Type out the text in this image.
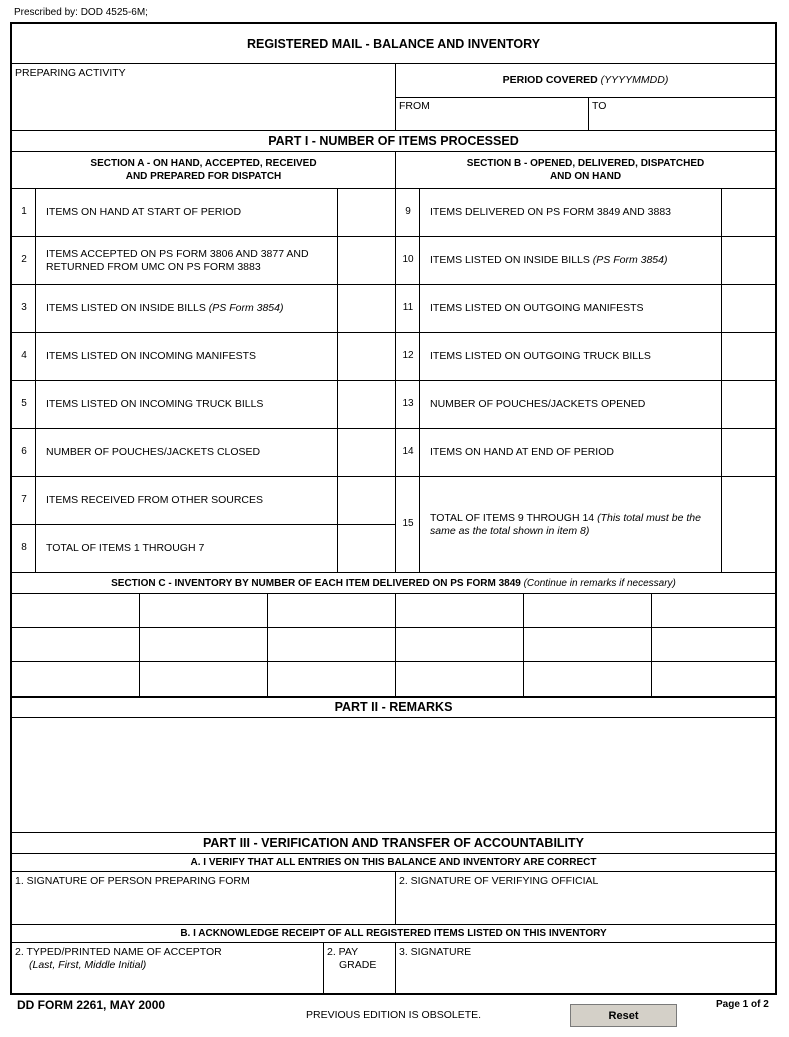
Prescribed by: DOD 4525-6M;
REGISTERED MAIL - BALANCE AND INVENTORY
PREPARING ACTIVITY
PERIOD COVERED (YYYYMMDD)
FROM	TO
PART I - NUMBER OF ITEMS PROCESSED
SECTION A - ON HAND, ACCEPTED, RECEIVED
AND PREPARED FOR DISPATCH
SECTION B - OPENED, DELIVERED, DISPATCHED
AND ON HAND
1	ITEMS ON HAND AT START OF PERIOD
2	ITEMS ACCEPTED ON PS FORM 3806 AND 3877 AND
RETURNED FROM UMC ON PS FORM 3883
3	ITEMS LISTED ON INSIDE BILLS (PS Form 3854)
4	ITEMS LISTED ON INCOMING MANIFESTS
5	ITEMS LISTED ON INCOMING TRUCK BILLS
6	NUMBER OF POUCHES/JACKETS CLOSED
7	ITEMS RECEIVED FROM OTHER SOURCES
8	TOTAL OF ITEMS 1 THROUGH 7
9	ITEMS DELIVERED ON PS FORM 3849 AND 3883
10	ITEMS LISTED ON INSIDE BILLS (PS Form 3854)
11	ITEMS LISTED ON OUTGOING MANIFESTS
12	ITEMS LISTED ON OUTGOING TRUCK BILLS
13	NUMBER OF POUCHES/JACKETS OPENED
14	ITEMS ON HAND AT END OF PERIOD
15	TOTAL OF ITEMS 9 THROUGH 14 (This total must be the
same as the total shown in item 8)
SECTION C - INVENTORY BY NUMBER OF EACH ITEM DELIVERED ON PS FORM 3849 (Continue in remarks if necessary)
PART II - REMARKS
PART III - VERIFICATION AND TRANSFER OF ACCOUNTABILITY
A. I VERIFY THAT ALL ENTRIES ON THIS BALANCE AND INVENTORY ARE CORRECT
1. SIGNATURE OF PERSON PREPARING FORM	2. SIGNATURE OF VERIFYING OFFICIAL
B. I ACKNOWLEDGE RECEIPT OF ALL REGISTERED ITEMS LISTED ON THIS INVENTORY
2. TYPED/PRINTED NAME OF ACCEPTOR
(Last, First, Middle Initial)
2. PAY
GRADE
3. SIGNATURE
DD FORM 2261, MAY 2000
PREVIOUS EDITION IS OBSOLETE.
Page 1 of 2
Reset
